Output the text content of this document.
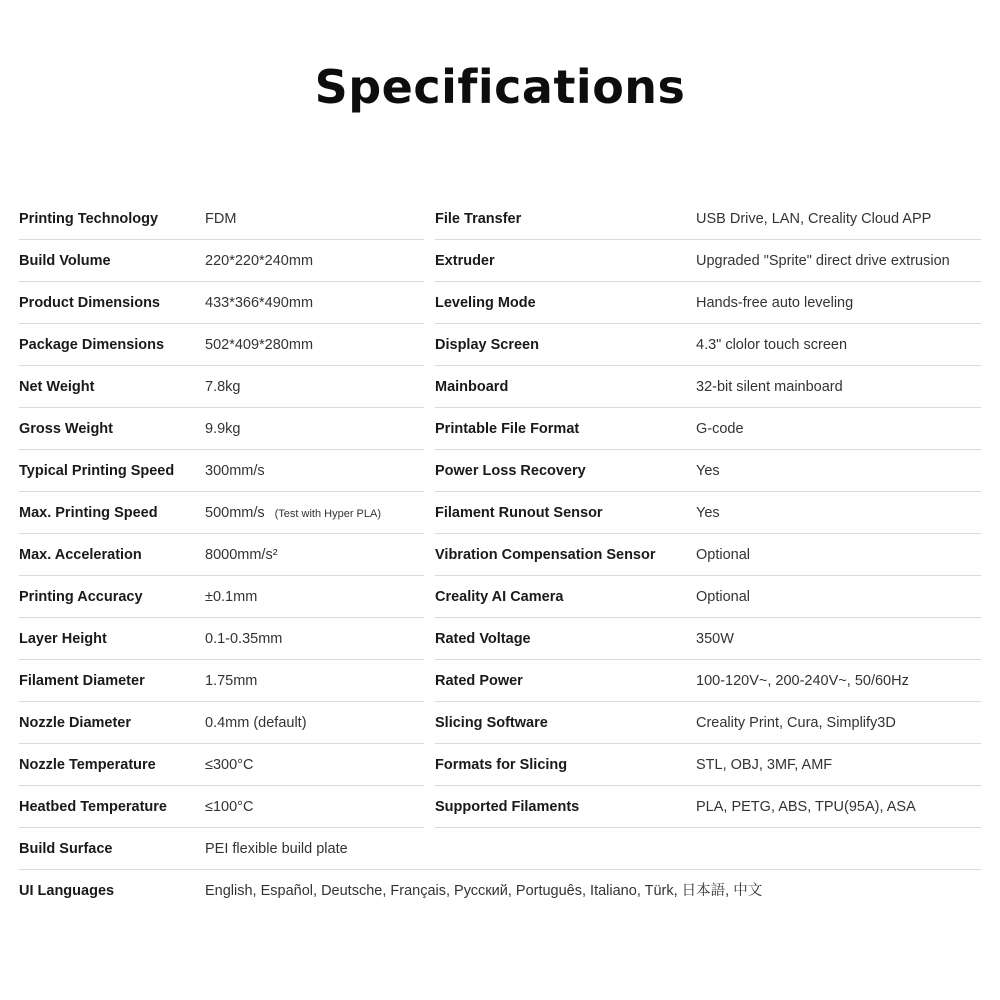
Specifications
Printing Technology	FDM	File Transfer	USB Drive, LAN, Creality Cloud APP
Build Volume	220*220*240mm	Extruder	Upgraded "Sprite" direct drive extrusion
Product Dimensions	433*366*490mm	Leveling Mode	Hands-free auto leveling
Package Dimensions	502*409*280mm	Display Screen	4.3" clolor touch screen
Net Weight	7.8kg	Mainboard	32-bit silent mainboard
Gross Weight	9.9kg	Printable File Format	G-code
Typical Printing Speed	300mm/s	Power Loss Recovery	Yes
Max. Printing Speed	500mm/s (Test with Hyper PLA)	Filament Runout Sensor	Yes
Max. Acceleration	8000mm/s²	Vibration Compensation Sensor	Optional
Printing Accuracy	±0.1mm	Creality AI Camera	Optional
Layer Height	0.1-0.35mm	Rated Voltage	350W
Filament Diameter	1.75mm	Rated Power	100-120V~, 200-240V~, 50/60Hz
Nozzle Diameter	0.4mm (default)	Slicing Software	Creality Print, Cura, Simplify3D
Nozzle Temperature	≤300°C	Formats for Slicing	STL, OBJ, 3MF, AMF
Heatbed Temperature	≤100°C	Supported Filaments	PLA, PETG, ABS, TPU(95A), ASA
Build Surface	PEI flexible build plate
UI Languages	English, Español, Deutsche, Français, Русский, Português, Italiano, Türk, 日本語, 中文
